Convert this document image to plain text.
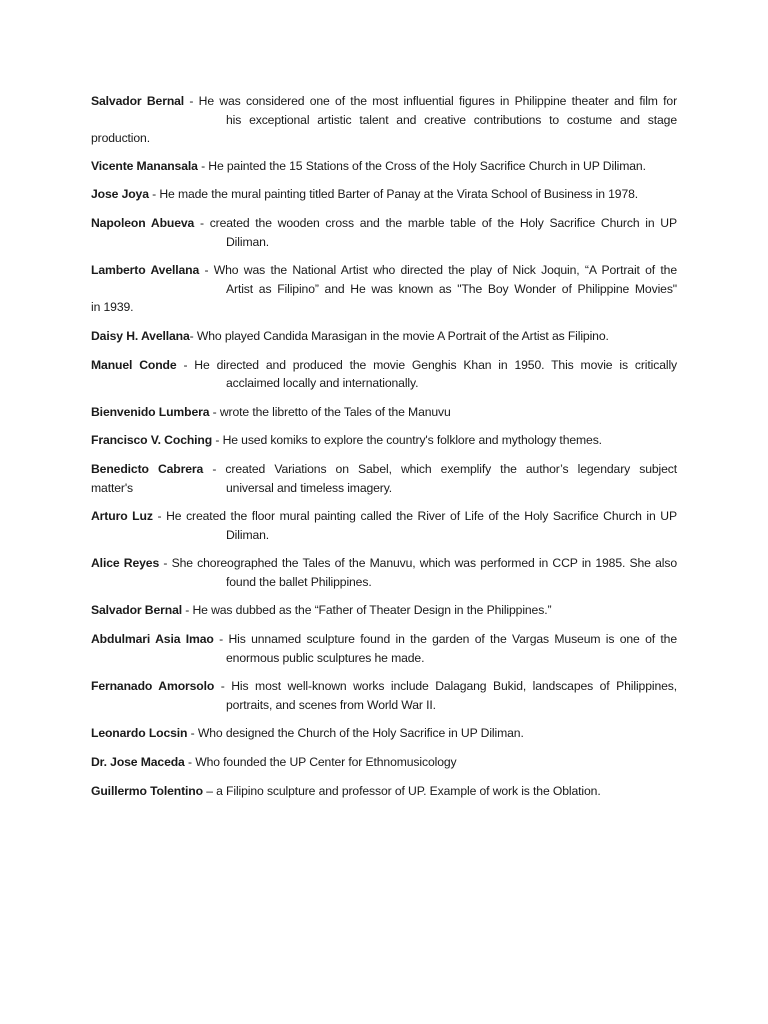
Salvador Bernal - He was considered one of the most influential figures in Philippine theater and film for
his exceptional artistic talent and creative contributions to costume and stage
production.
Vicente Manansala - He painted the 15 Stations of the Cross of the Holy Sacrifice Church in UP Diliman.
Jose Joya - He made the mural painting titled Barter of Panay at the Virata School of Business in 1978.
Napoleon Abueva - created the wooden cross and the marble table of the Holy Sacrifice Church in UP
Diliman.
Lamberto Avellana - Who was the National Artist who directed the play of Nick Joquin, “A Portrait of the
Artist as Filipino” and He was known as "The Boy Wonder of Philippine Movies"
in 1939.
Daisy H. Avellana- Who played Candida Marasigan in the movie A Portrait of the Artist as Filipino.
Manuel Conde - He directed and produced the movie Genghis Khan in 1950. This movie is critically
acclaimed locally and internationally.
Bienvenido Lumbera - wrote the libretto of the Tales of the Manuvu
Francisco V. Coching - He used komiks to explore the country's folklore and mythology themes.
Benedicto Cabrera - created Variations on Sabel, which exemplify the author’s legendary subject
matter's	universal and timeless imagery.
Arturo Luz - He created the floor mural painting called the River of Life of the Holy Sacrifice Church in UP
Diliman.
Alice Reyes - She choreographed the Tales of the Manuvu, which was performed in CCP in 1985. She also
found the ballet Philippines.
Salvador Bernal - He was dubbed as the “Father of Theater Design in the Philippines.”
Abdulmari Asia Imao - His unnamed sculpture found in the garden of the Vargas Museum is one of the
enormous public sculptures he made.
Fernanado Amorsolo - His most well-known works include Dalagang Bukid, landscapes of Philippines,
portraits, and scenes from World War II.
Leonardo Locsin - Who designed the Church of the Holy Sacrifice in UP Diliman.
Dr. Jose Maceda - Who founded the UP Center for Ethnomusicology
Guillermo Tolentino – a Filipino sculpture and professor of UP. Example of work is the Oblation.
